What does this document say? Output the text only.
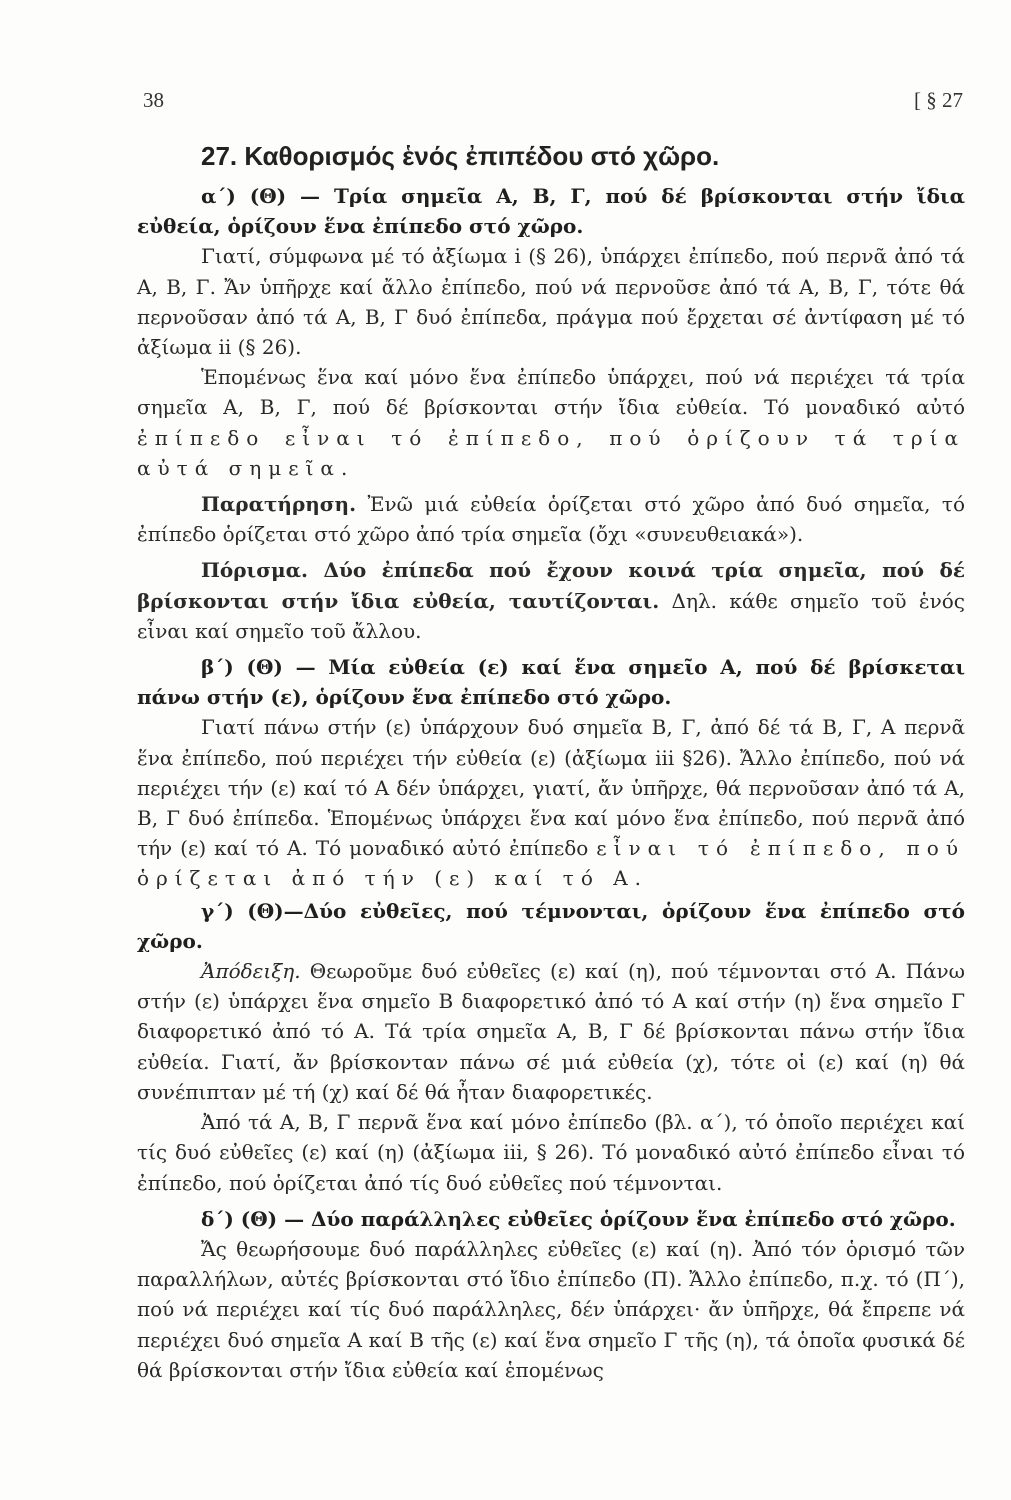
38	[ § 27

27. Καθορισμός ἑνός ἐπιπέδου στό χῶρο.

α΄) (Θ) — Τρία σημεῖα Α, Β, Γ, πού δέ βρίσκονται στήν ἴδια εὐθεία, ὁρίζουν ἕνα ἐπίπεδο στό χῶρο.

Γιατί, σύμφωνα μέ τό ἀξίωμα i (§ 26), ὑπάρχει ἐπίπεδο, πού περνᾶ ἀπό τά Α, Β, Γ. Ἄν ὑπῆρχε καί ἄλλο ἐπίπεδο, πού νά περνοῦσε ἀπό τά Α, Β, Γ, τότε θά περνοῦσαν ἀπό τά Α, Β, Γ δυό ἐπίπεδα, πράγμα πού ἔρχεται σέ ἀντίφαση μέ τό ἀξίωμα ii (§ 26).

Ἑπομένως ἕνα καί μόνο ἕνα ἐπίπεδο ὑπάρχει, πού νά περιέχει τά τρία σημεῖα Α, Β, Γ, πού δέ βρίσκονται στήν ἴδια εὐθεία. Τό μοναδικό αὐτό ἐπίπεδο εἶναι τό ἐπίπεδο, πού ὁρίζουν τά τρία αὐτά σημεῖα.

Παρατήρηση. Ἐνῶ μιά εὐθεία ὁρίζεται στό χῶρο ἀπό δυό σημεῖα, τό ἐπίπεδο ὁρίζεται στό χῶρο ἀπό τρία σημεῖα (ὄχι «συνευθειακά»).

Πόρισμα. Δύο ἐπίπεδα πού ἔχουν κοινά τρία σημεῖα, πού δέ βρίσκονται στήν ἴδια εὐθεία, ταυτίζονται. Δηλ. κάθε σημεῖο τοῦ ἑνός εἶναι καί σημεῖο τοῦ ἄλλου.

β΄) (Θ) — Μία εὐθεία (ε) καί ἕνα σημεῖο Α, πού δέ βρίσκεται πάνω στήν (ε), ὁρίζουν ἕνα ἐπίπεδο στό χῶρο.

Γιατί πάνω στήν (ε) ὑπάρχουν δυό σημεῖα Β, Γ, ἀπό δέ τά Β, Γ, Α περνᾶ ἕνα ἐπίπεδο, πού περιέχει τήν εὐθεία (ε) (ἀξίωμα iii §26). Ἄλλο ἐπίπεδο, πού νά περιέχει τήν (ε) καί τό Α δέν ὑπάρχει, γιατί, ἄν ὑπῆρχε, θά περνοῦσαν ἀπό τά Α, Β, Γ δυό ἐπίπεδα. Ἑπομένως ὑπάρχει ἕνα καί μόνο ἕνα ἐπίπεδο, πού περνᾶ ἀπό τήν (ε) καί τό Α. Τό μοναδικό αὐτό ἐπίπεδο εἶναι τό ἐπίπεδο, πού ὁρίζεται ἀπό τήν (ε) καί τό Α.

γ΄) (Θ)—Δύο εὐθεῖες, πού τέμνονται, ὁρίζουν ἕνα ἐπίπεδο στό χῶρο.

Ἀπόδειξη. Θεωροῦμε δυό εὐθεῖες (ε) καί (η), πού τέμνονται στό Α. Πάνω στήν (ε) ὑπάρχει ἕνα σημεῖο Β διαφορετικό ἀπό τό Α καί στήν (η) ἕνα σημεῖο Γ διαφορετικό ἀπό τό Α. Τά τρία σημεῖα Α, Β, Γ δέ βρίσκονται πάνω στήν ἴδια εὐθεία. Γιατί, ἄν βρίσκονταν πάνω σέ μιά εὐθεία (χ), τότε οἱ (ε) καί (η) θά συνέπιπταν μέ τή (χ) καί δέ θά ἦταν διαφορετικές.

Ἀπό τά Α, Β, Γ περνᾶ ἕνα καί μόνο ἐπίπεδο (βλ. α΄), τό ὁποῖο περιέχει καί τίς δυό εὐθεῖες (ε) καί (η) (ἀξίωμα iii, § 26). Τό μοναδικό αὐτό ἐπίπεδο εἶναι τό ἐπίπεδο, πού ὁρίζεται ἀπό τίς δυό εὐθεῖες πού τέμνονται.

δ΄) (Θ) — Δύο παράλληλες εὐθεῖες ὁρίζουν ἕνα ἐπίπεδο στό χῶρο.

Ἄς θεωρήσουμε δυό παράλληλες εὐθεῖες (ε) καί (η). Ἀπό τόν ὁρισμό τῶν παραλλήλων, αὐτές βρίσκονται στό ἴδιο ἐπίπεδο (Π). Ἄλλο ἐπίπεδο, π.χ. τό (Π΄), πού νά περιέχει καί τίς δυό παράλληλες, δέν ὑπάρχει· ἄν ὑπῆρχε, θά ἔπρεπε νά περιέχει δυό σημεῖα Α καί Β τῆς (ε) καί ἕνα σημεῖο Γ τῆς (η), τά ὁποῖα φυσικά δέ θά βρίσκονται στήν ἴδια εὐθεία καί ἑπομένως
